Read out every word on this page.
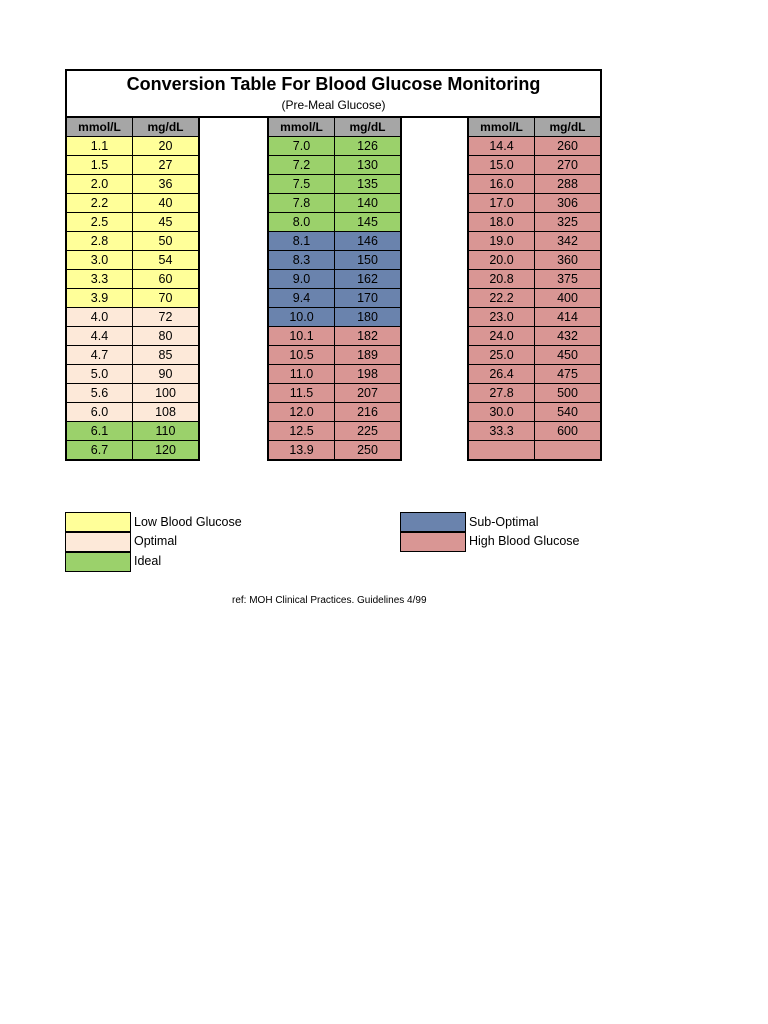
Conversion Table For Blood Glucose Monitoring
(Pre-Meal Glucose)
mmol/L	mg/dL
1.1	20
1.5	27
2.0	36
2.2	40
2.5	45
2.8	50
3.0	54
3.3	60
3.9	70
4.0	72
4.4	80
4.7	85
5.0	90
5.6	100
6.0	108
6.1	110
6.7	120
mmol/L	mg/dL
7.0	126
7.2	130
7.5	135
7.8	140
8.0	145
8.1	146
8.3	150
9.0	162
9.4	170
10.0	180
10.1	182
10.5	189
11.0	198
11.5	207
12.0	216
12.5	225
13.9	250
mmol/L	mg/dL
14.4	260
15.0	270
16.0	288
17.0	306
18.0	325
19.0	342
20.0	360
20.8	375
22.2	400
23.0	414
24.0	432
25.0	450
26.4	475
27.8	500
30.0	540
33.3	600

Low Blood Glucose
Optimal
Ideal
Sub-Optimal
High Blood Glucose
ref: MOH Clinical Practices. Guidelines 4/99
